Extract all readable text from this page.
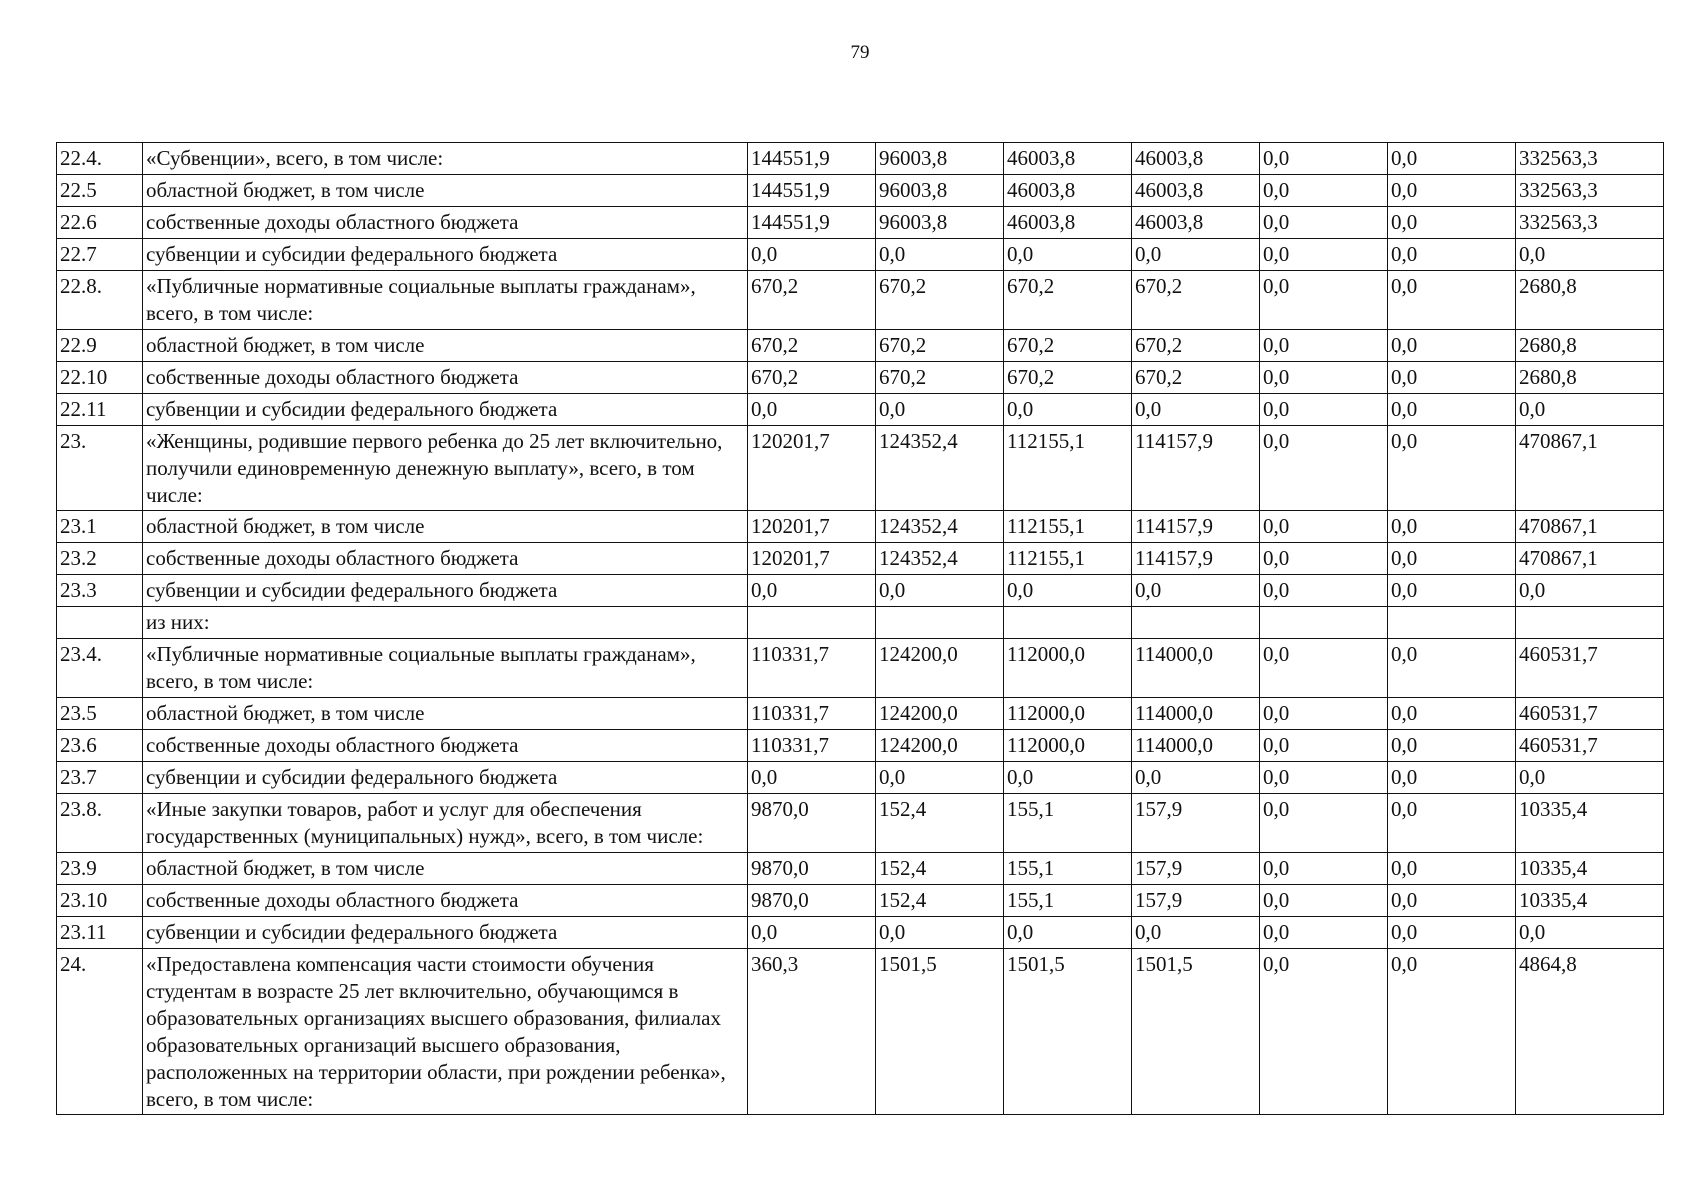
79
22.4.	«Субвенции», всего, в том числе:	144551,9	96003,8	46003,8	46003,8	0,0	0,0	332563,3
22.5	областной бюджет, в том числе	144551,9	96003,8	46003,8	46003,8	0,0	0,0	332563,3
22.6	собственные доходы областного бюджета	144551,9	96003,8	46003,8	46003,8	0,0	0,0	332563,3
22.7	субвенции и субсидии федерального бюджета	0,0	0,0	0,0	0,0	0,0	0,0	0,0
22.8.	«Публичные нормативные социальные выплаты гражданам», всего, в том числе:	670,2	670,2	670,2	670,2	0,0	0,0	2680,8
22.9	областной бюджет, в том числе	670,2	670,2	670,2	670,2	0,0	0,0	2680,8
22.10	собственные доходы областного бюджета	670,2	670,2	670,2	670,2	0,0	0,0	2680,8
22.11	субвенции и субсидии федерального бюджета	0,0	0,0	0,0	0,0	0,0	0,0	0,0
23.	«Женщины, родившие первого ребенка до 25 лет включительно, получили единовременную денежную выплату», всего, в том числе:	120201,7	124352,4	112155,1	114157,9	0,0	0,0	470867,1
23.1	областной бюджет, в том числе	120201,7	124352,4	112155,1	114157,9	0,0	0,0	470867,1
23.2	собственные доходы областного бюджета	120201,7	124352,4	112155,1	114157,9	0,0	0,0	470867,1
23.3	субвенции и субсидии федерального бюджета	0,0	0,0	0,0	0,0	0,0	0,0	0,0
	из них:							
23.4.	«Публичные нормативные социальные выплаты гражданам», всего, в том числе:	110331,7	124200,0	112000,0	114000,0	0,0	0,0	460531,7
23.5	областной бюджет, в том числе	110331,7	124200,0	112000,0	114000,0	0,0	0,0	460531,7
23.6	собственные доходы областного бюджета	110331,7	124200,0	112000,0	114000,0	0,0	0,0	460531,7
23.7	субвенции и субсидии федерального бюджета	0,0	0,0	0,0	0,0	0,0	0,0	0,0
23.8.	«Иные закупки товаров, работ и услуг для обеспечения государственных (муниципальных) нужд», всего, в том числе:	9870,0	152,4	155,1	157,9	0,0	0,0	10335,4
23.9	областной бюджет, в том числе	9870,0	152,4	155,1	157,9	0,0	0,0	10335,4
23.10	собственные доходы областного бюджета	9870,0	152,4	155,1	157,9	0,0	0,0	10335,4
23.11	субвенции и субсидии федерального бюджета	0,0	0,0	0,0	0,0	0,0	0,0	0,0
24.	«Предоставлена компенсация части стоимости обучения студентам в возрасте 25 лет включительно, обучающимся в образовательных организациях высшего образования, филиалах образовательных организаций высшего образования, расположенных на территории области, при рождении ребенка», всего, в том числе:	360,3	1501,5	1501,5	1501,5	0,0	0,0	4864,8
